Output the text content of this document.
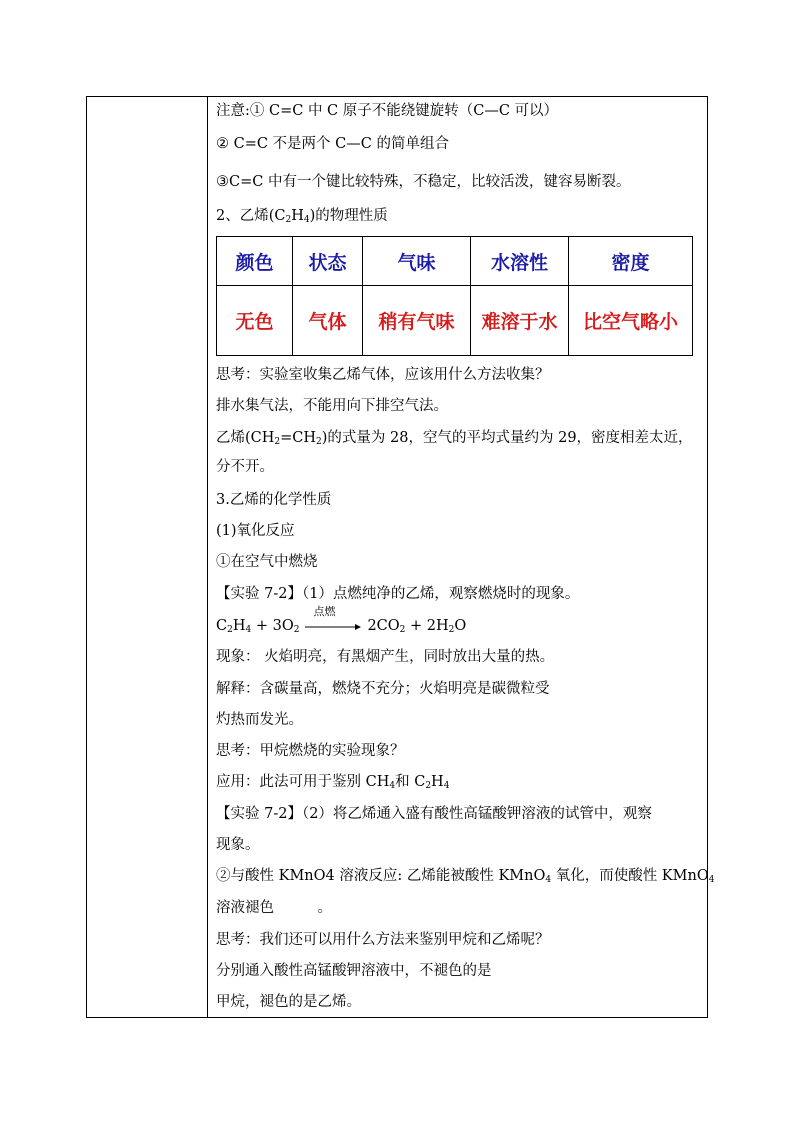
注意:① C=C 中 C 原子不能绕键旋转（C—C 可以）
② C=C 不是两个 C—C 的简单组合
③C=C 中有一个键比较特殊，不稳定，比较活泼，键容易断裂。
2、乙烯$(C_2H_4)$的物理性质
颜色	状态	气味	水溶性	密度
无色	气体	稍有气味	难溶于水	比空气略小
思考：实验室收集乙烯气体，应该用什么方法收集？
排水集气法，不能用向下排空气法。
乙烯$(CH_2=CH_2)$的式量为 28，空气的平均式量约为 29，密度相差太近，
分不开。
3.乙烯的化学性质
(1)氧化反应
①在空气中燃烧
【实验 7-2】（1）点燃纯净的乙烯，观察燃烧时的现象。
$C_2H_4 + 3O_2$
点燃
$2CO_2 + 2H_2O$
现象： 火焰明亮，有黑烟产生，同时放出大量的热。
解释：含碳量高，燃烧不充分；火焰明亮是碳微粒受
灼热而发光。
思考：甲烷燃烧的实验现象？
应用：此法可用于鉴别 $CH_4$和 $C_2H_4$
【实验 7-2】（2）将乙烯通入盛有酸性高锰酸钾溶液的试管中，观察
现象。
②与酸性 KMnO4 溶液反应: 乙烯能被酸性 KMnO$_4$ 氧化，而使酸性 KMnO$_4$
溶液褪色　　　。
思考：我们还可以用什么方法来鉴别甲烷和乙烯呢？
分别通入酸性高锰酸钾溶液中，不褪色的是
甲烷，褪色的是乙烯。
